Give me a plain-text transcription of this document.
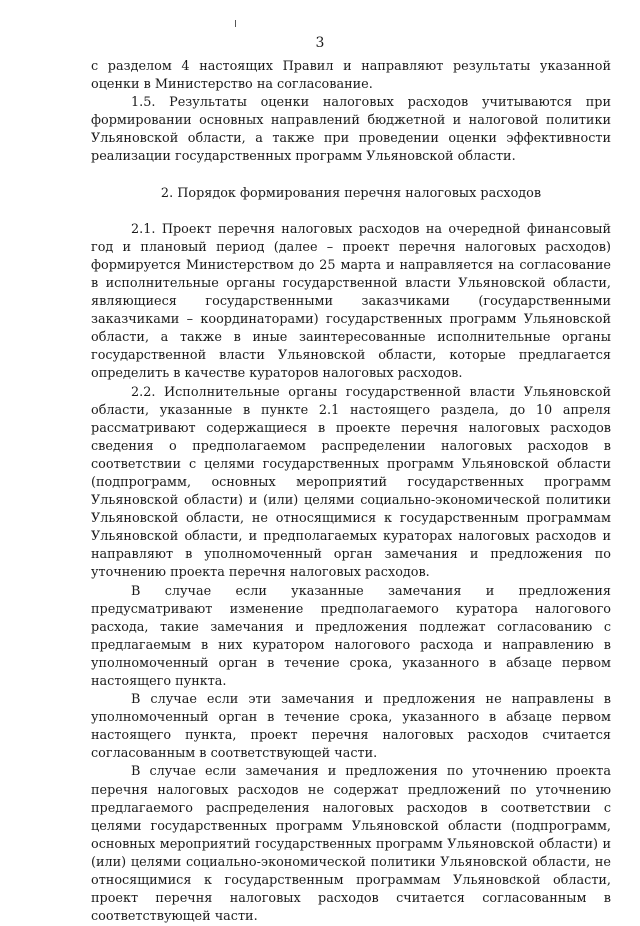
3

с разделом 4 настоящих Правил и направляют результаты указанной оценки в Министерство на согласование.

1.5. Результаты оценки налоговых расходов учитываются при формировании основных направлений бюджетной и налоговой политики Ульяновской области, а также при проведении оценки эффективности реализации государственных программ Ульяновской области.

2. Порядок формирования перечня налоговых расходов

2.1. Проект перечня налоговых расходов на очередной финансовый год и плановый период (далее – проект перечня налоговых расходов) формируется Министерством до 25 марта и направляется на согласование в исполнительные органы государственной власти Ульяновской области, являющиеся государственными заказчиками (государственными заказчиками – координаторами) государственных программ Ульяновской области, а также в иные заинтересованные исполнительные органы государственной власти Ульяновской области, которые предлагается определить в качестве кураторов налоговых расходов.

2.2. Исполнительные органы государственной власти Ульяновской области, указанные в пункте 2.1 настоящего раздела, до 10 апреля рассматривают содержащиеся в проекте перечня налоговых расходов сведения о предполагаемом распределении налоговых расходов в соответствии с целями государственных программ Ульяновской области (подпрограмм, основных мероприятий государственных программ Ульяновской области) и (или) целями социально-экономической политики Ульяновской области, не относящимися к государственным программам Ульяновской области, и предполагаемых кураторах налоговых расходов и направляют в уполномоченный орган замечания и предложения по уточнению проекта перечня налоговых расходов.

В случае если указанные замечания и предложения предусматривают изменение предполагаемого куратора налогового расхода, такие замечания и предложения подлежат согласованию с предлагаемым в них куратором налогового расхода и направлению в уполномоченный орган в течение срока, указанного в абзаце первом настоящего пункта.

В случае если эти замечания и предложения не направлены в уполномоченный орган в течение срока, указанного в абзаце первом настоящего пункта, проект перечня налоговых расходов считается согласованным в соответствующей части.

В случае если замечания и предложения по уточнению проекта перечня налоговых расходов не содержат предложений по уточнению предлагаемого распределения налоговых расходов в соответствии с целями государственных программ Ульяновской области (подпрограмм, основных мероприятий государственных программ Ульяновской области) и (или) целями социально-экономической политики Ульяновской области, не относящимися к государственным программам Ульяновской области, проект перечня налоговых расходов считается согласованным в соответствующей части.
